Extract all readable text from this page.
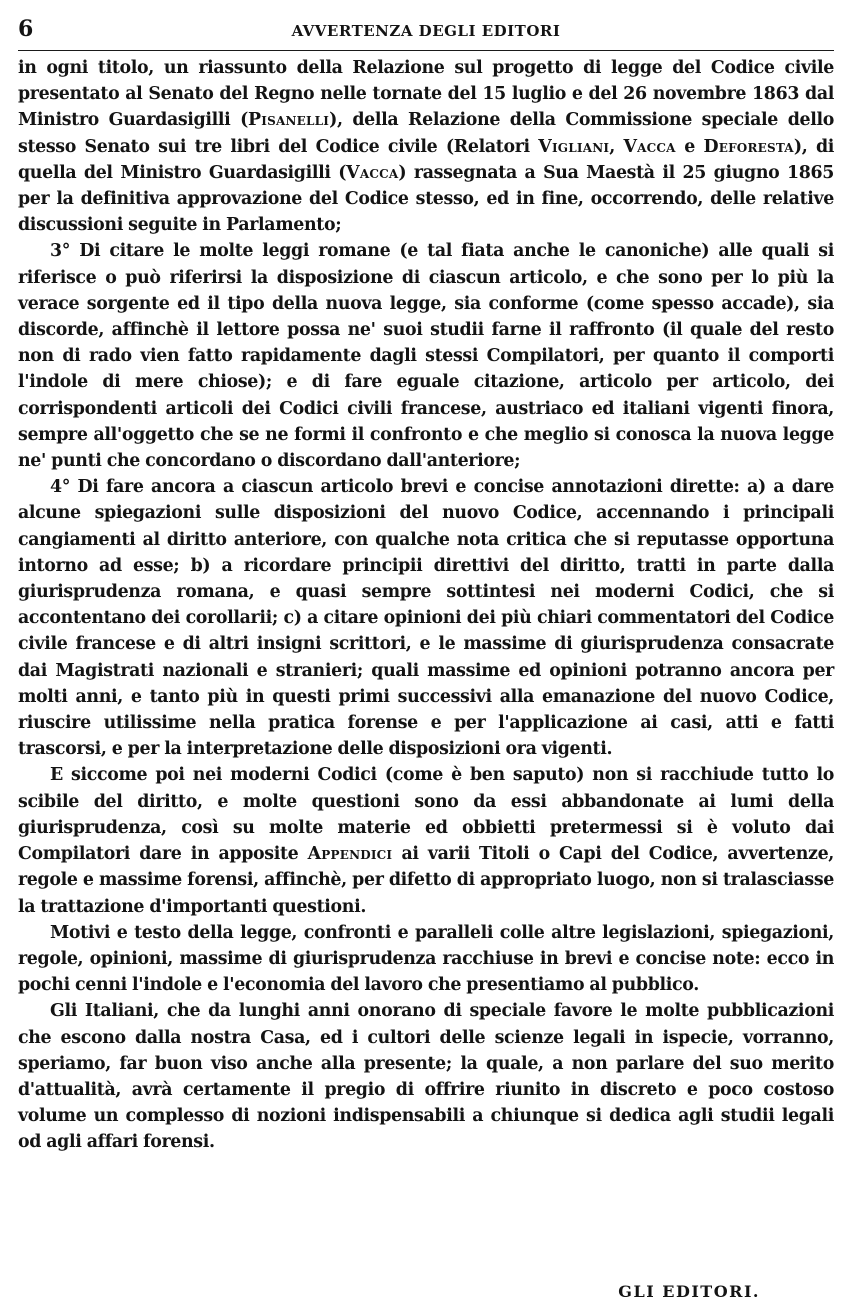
6	AVVERTENZA DEGLI EDITORI

in ogni titolo, un riassunto della Relazione sul progetto di legge del Codice civile presentato al Senato del Regno nelle tornate del 15 luglio e del 26 novembre 1863 dal Ministro Guardasigilli (Pisanelli), della Relazione della Commissione speciale dello stesso Senato sui tre libri del Codice civile (Relatori Vigliani, Vacca e Deforesta), di quella del Ministro Guardasigilli (Vacca) rassegnata a Sua Maestà il 25 giugno 1865 per la definitiva approvazione del Codice stesso, ed in fine, occorrendo, delle relative discussioni seguite in Parlamento;

3° Di citare le molte leggi romane (e tal fiata anche le canoniche) alle quali si riferisce o può riferirsi la disposizione di ciascun articolo, e che sono per lo più la verace sorgente ed il tipo della nuova legge, sia conforme (come spesso accade), sia discorde, affinchè il lettore possa ne' suoi studii farne il raffronto (il quale del resto non di rado vien fatto rapidamente dagli stessi Compilatori, per quanto il comporti l'indole di mere chiose); e di fare eguale citazione, articolo per articolo, dei corrispondenti articoli dei Codici civili francese, austriaco ed italiani vigenti finora, sempre all'oggetto che se ne formi il confronto e che meglio si conosca la nuova legge ne' punti che concordano o discordano dall'anteriore;

4° Di fare ancora a ciascun articolo brevi e concise annotazioni dirette: a) a dare alcune spiegazioni sulle disposizioni del nuovo Codice, accennando i principali cangiamenti al diritto anteriore, con qualche nota critica che si reputasse opportuna intorno ad esse; b) a ricordare principii direttivi del diritto, tratti in parte dalla giurisprudenza romana, e quasi sempre sottintesi nei moderni Codici, che si accontentano dei corollarii; c) a citare opinioni dei più chiari commentatori del Codice civile francese e di altri insigni scrittori, e le massime di giurisprudenza consacrate dai Magistrati nazionali e stranieri; quali massime ed opinioni potranno ancora per molti anni, e tanto più in questi primi successivi alla emanazione del nuovo Codice, riuscire utilissime nella pratica forense e per l'applicazione ai casi, atti e fatti trascorsi, e per la interpretazione delle disposizioni ora vigenti.

E siccome poi nei moderni Codici (come è ben saputo) non si racchiude tutto lo scibile del diritto, e molte questioni sono da essi abbandonate ai lumi della giurisprudenza, così su molte materie ed obbietti pretermessi si è voluto dai Compilatori dare in apposite Appendici ai varii Titoli o Capi del Codice, avvertenze, regole e massime forensi, affinchè, per difetto di appropriato luogo, non si tralasciasse la trattazione d'importanti questioni.

Motivi e testo della legge, confronti e paralleli colle altre legislazioni, spiegazioni, regole, opinioni, massime di giurisprudenza racchiuse in brevi e concise note: ecco in pochi cenni l'indole e l'economia del lavoro che presentiamo al pubblico.

Gli Italiani, che da lunghi anni onorano di speciale favore le molte pubblicazioni che escono dalla nostra Casa, ed i cultori delle scienze legali in ispecie, vorranno, speriamo, far buon viso anche alla presente; la quale, a non parlare del suo merito d'attualità, avrà certamente il pregio di offrire riunito in discreto e poco costoso volume un complesso di nozioni indispensabili a chiunque si dedica agli studii legali od agli affari forensi.

GLI EDITORI.
